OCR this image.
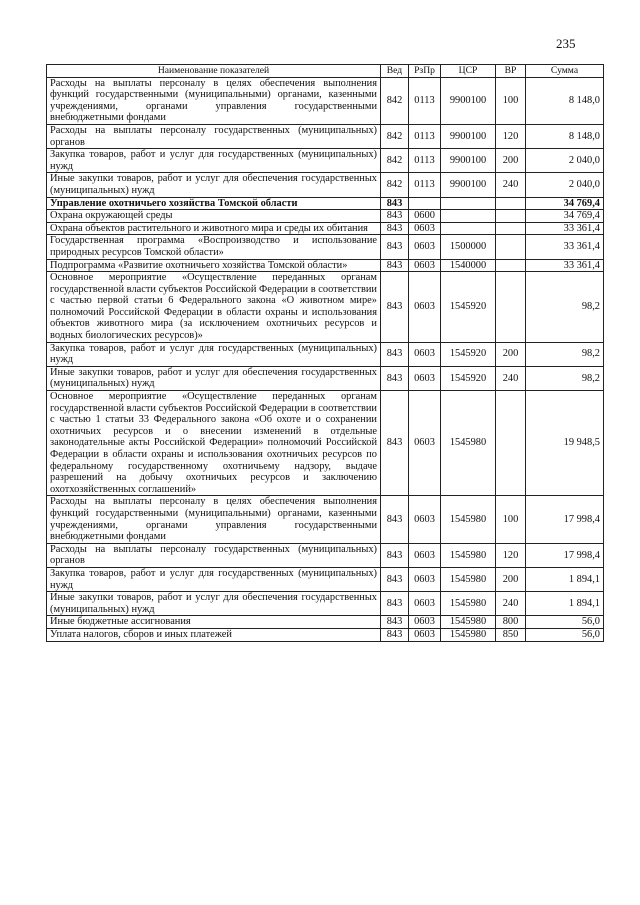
235
Наименование показателей	Вед	РзПр	ЦСР	ВР	Сумма
Расходы на выплаты персоналу в целях обеспечения выполнения функций государственными (муниципальными) органами, казенными учреждениями, органами управления государственными внебюджетными фондами	842	0113	9900100	100	8 148,0
Расходы на выплаты персоналу государственных (муниципальных) органов	842	0113	9900100	120	8 148,0
Закупка товаров, работ и услуг для государственных (муниципальных) нужд	842	0113	9900100	200	2 040,0
Иные закупки товаров, работ и услуг для обеспечения государственных (муниципальных) нужд	842	0113	9900100	240	2 040,0
Управление охотничьего хозяйства Томской области	843				34 769,4
Охрана окружающей среды	843	0600			34 769,4
Охрана объектов растительного и животного мира и среды их обитания	843	0603			33 361,4
Государственная программа «Воспроизводство и использование природных ресурсов Томской области»	843	0603	1500000		33 361,4
Подпрограмма «Развитие охотничьего хозяйства Томской области»	843	0603	1540000		33 361,4
Основное мероприятие «Осуществление переданных органам государственной власти субъектов Российской Федерации в соответствии с частью первой статьи 6 Федерального закона «О животном мире» полномочий Российской Федерации в области охраны и использования объектов животного мира (за исключением охотничьих ресурсов и водных биологических ресурсов)»	843	0603	1545920		98,2
Закупка товаров, работ и услуг для государственных (муниципальных) нужд	843	0603	1545920	200	98,2
Иные закупки товаров, работ и услуг для обеспечения государственных (муниципальных) нужд	843	0603	1545920	240	98,2
Основное мероприятие «Осуществление переданных органам государственной власти субъектов Российской Федерации в соответствии с частью 1 статьи 33 Федерального закона «Об охоте и о сохранении охотничьих ресурсов и о внесении изменений в отдельные законодательные акты Российской Федерации» полномочий Российской Федерации в области охраны и использования охотничьих ресурсов по федеральному государственному охотничьему надзору, выдаче разрешений на добычу охотничьих ресурсов и заключению охотхозяйственных соглашений»	843	0603	1545980		19 948,5
Расходы на выплаты персоналу в целях обеспечения выполнения функций государственными (муниципальными) органами, казенными учреждениями, органами управления государственными внебюджетными фондами	843	0603	1545980	100	17 998,4
Расходы на выплаты персоналу государственных (муниципальных) органов	843	0603	1545980	120	17 998,4
Закупка товаров, работ и услуг для государственных (муниципальных) нужд	843	0603	1545980	200	1 894,1
Иные закупки товаров, работ и услуг для обеспечения государственных (муниципальных) нужд	843	0603	1545980	240	1 894,1
Иные бюджетные ассигнования	843	0603	1545980	800	56,0
Уплата налогов, сборов и иных платежей	843	0603	1545980	850	56,0
